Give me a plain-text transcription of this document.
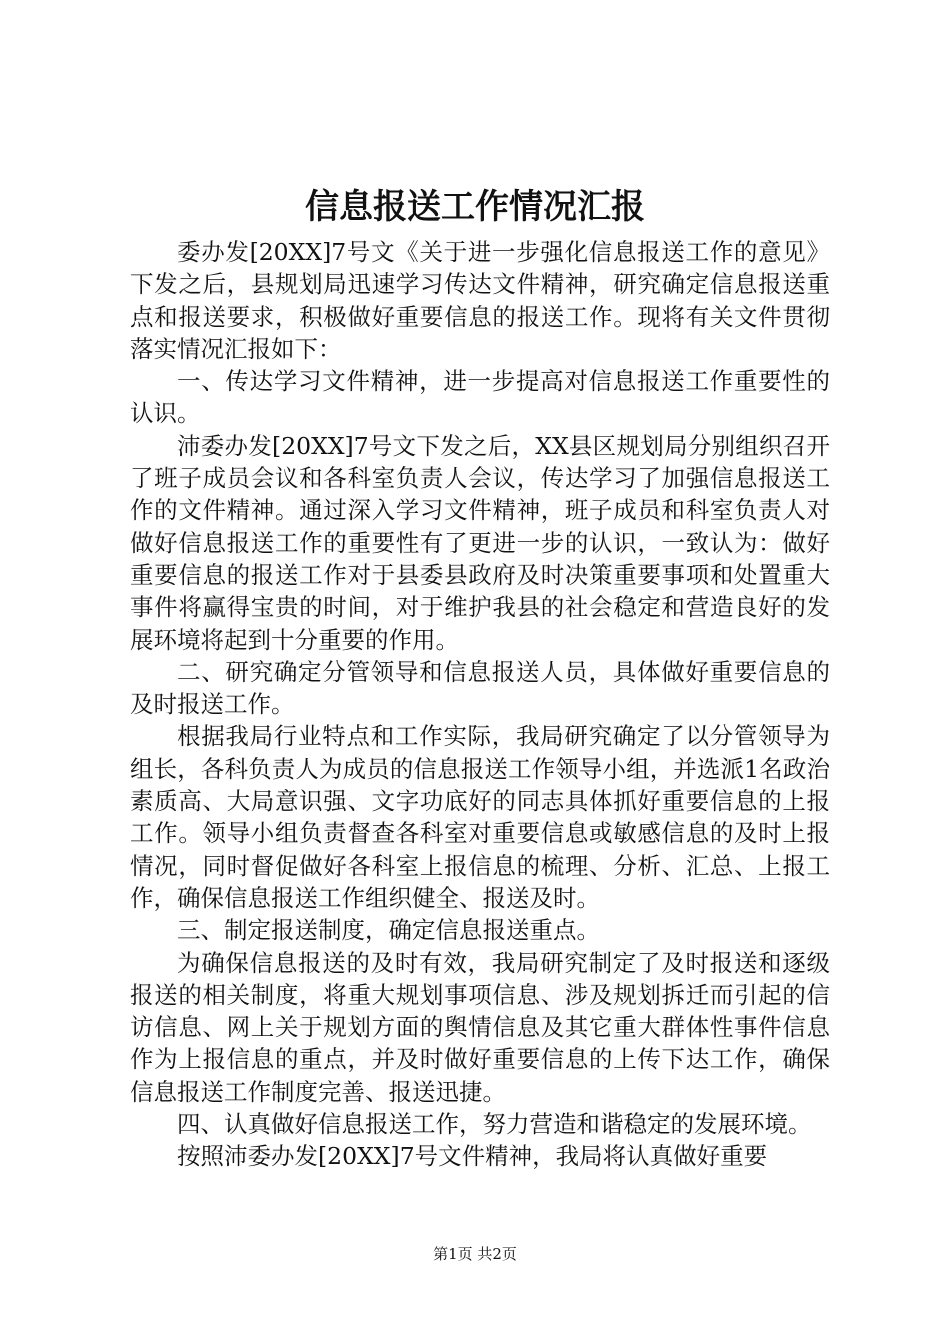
信息报送工作情况汇报

委办发[20XX]7号文《关于进一步强化信息报送工作的意见》下发之后，县规划局迅速学习传达文件精神，研究确定信息报送重点和报送要求，积极做好重要信息的报送工作。现将有关文件贯彻落实情况汇报如下：

一、传达学习文件精神，进一步提高对信息报送工作重要性的认识。

沛委办发[20XX]7号文下发之后，XX县区规划局分别组织召开了班子成员会议和各科室负责人会议，传达学习了加强信息报送工作的文件精神。通过深入学习文件精神，班子成员和科室负责人对做好信息报送工作的重要性有了更进一步的认识，一致认为：做好重要信息的报送工作对于县委县政府及时决策重要事项和处置重大事件将赢得宝贵的时间，对于维护我县的社会稳定和营造良好的发展环境将起到十分重要的作用。

二、研究确定分管领导和信息报送人员，具体做好重要信息的及时报送工作。

根据我局行业特点和工作实际，我局研究确定了以分管领导为组长，各科负责人为成员的信息报送工作领导小组，并选派1名政治素质高、大局意识强、文字功底好的同志具体抓好重要信息的上报工作。领导小组负责督查各科室对重要信息或敏感信息的及时上报情况，同时督促做好各科室上报信息的梳理、分析、汇总、上报工作，确保信息报送工作组织健全、报送及时。

三、制定报送制度，确定信息报送重点。

为确保信息报送的及时有效，我局研究制定了及时报送和逐级报送的相关制度，将重大规划事项信息、涉及规划拆迁而引起的信访信息、网上关于规划方面的舆情信息及其它重大群体性事件信息作为上报信息的重点，并及时做好重要信息的上传下达工作，确保信息报送工作制度完善、报送迅捷。

四、认真做好信息报送工作，努力营造和谐稳定的发展环境。

按照沛委办发[20XX]7号文件精神，我局将认真做好重要

第1页 共2页
